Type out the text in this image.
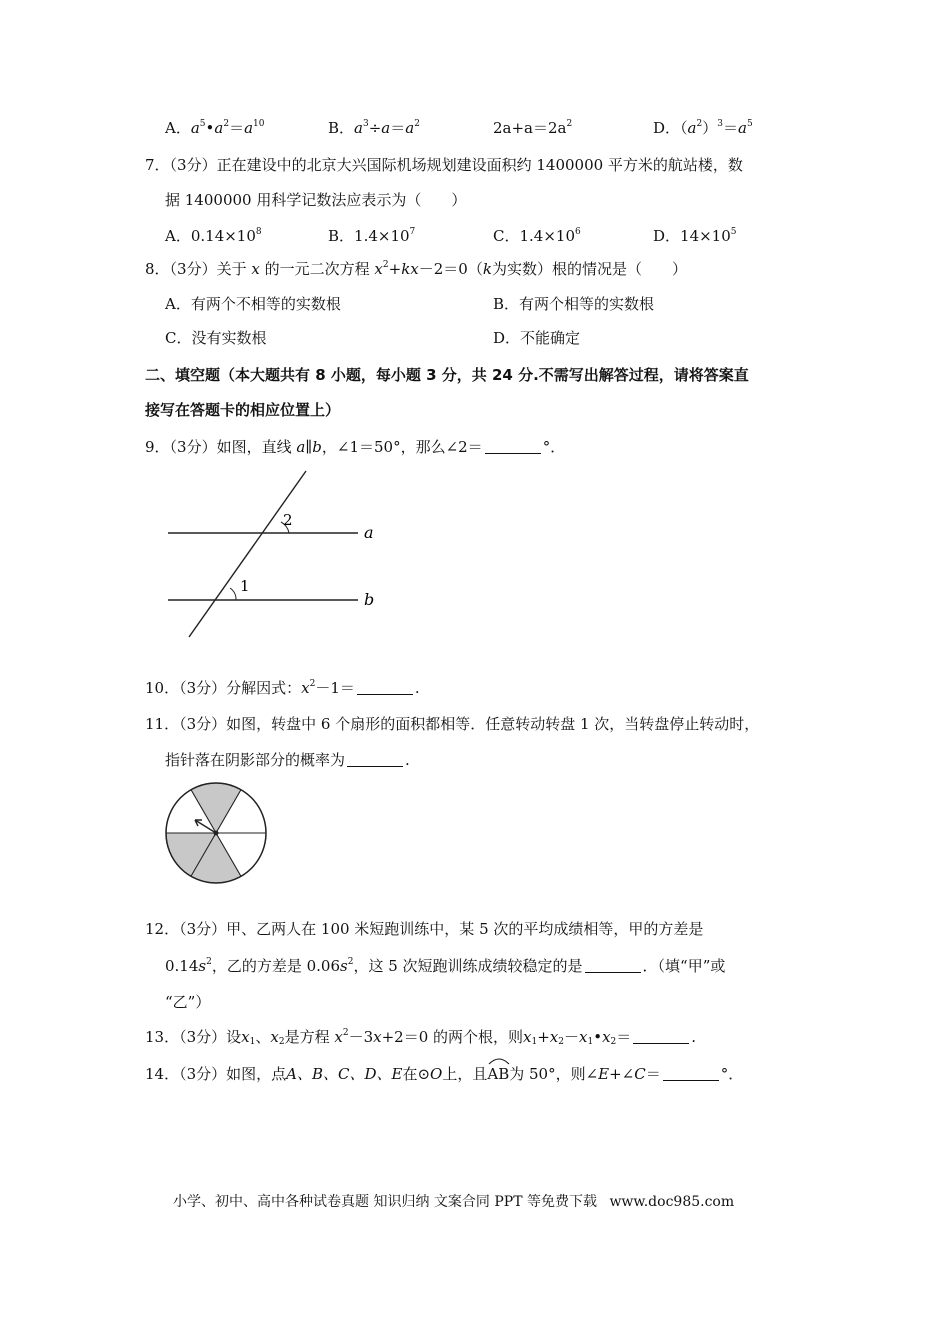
A．$a^5•a^2=a^{10}$	B．$a^3\div a=a^2$	$2a+a=2a^2$	D．$(a^2)^3=a^5$
7．（3分）正在建设中的北京大兴国际机场规划建设面积约 1400000 平方米的航站楼，数
据 1400000 用科学记数法应表示为（　　）
A．$0.14\times 10^8$	B．$1.4\times 10^7$	C．$1.4\times 10^6$	D．$14\times 10^5$
8．（3分）关于 x 的一元二次方程 $x^2+kx-2=0(k$为实数）根的情况是（　　）
A．有两个不相等的实数根	B．有两个相等的实数根
C．没有实数根	D．不能确定
二、填空题（本大题共有 8 小题，每小题 3 分，共 24 分.不需写出解答过程，请将答案直
接写在答题卡的相应位置上）
9．（3分）如图，直线 a∥b，∠1＝50°，那么∠2＝	°．
2
1
a
b
10．（3分）分解因式：$x^2-1=$	.
11．（3分）如图，转盘中 6 个扇形的面积都相等．任意转动转盘 1 次，当转盘停止转动时，
指针落在阴影部分的概率为	.
12．（3分）甲、乙两人在 100 米短跑训练中，某 5 次的平均成绩相等，甲的方差是
$0.14s^2$，乙的方差是 $0.06s^2$，这 5 次短跑训练成绩较稳定的是	．（填“甲”或
“乙”）
13．（3分）设$x_1$、$x_2$是方程 $x^2-3x+2=0$ 的两个根，则$x_1+x_2-x_1•x_2=$	.
14．（3分）如图，点A、B、C、D、E在⊙O上，且
AB为 50°，则∠E+∠C＝	°．
小学、初中、高中各种试卷真题 知识归纳 文案合同 PPT 等免费下载 www.doc985.com
